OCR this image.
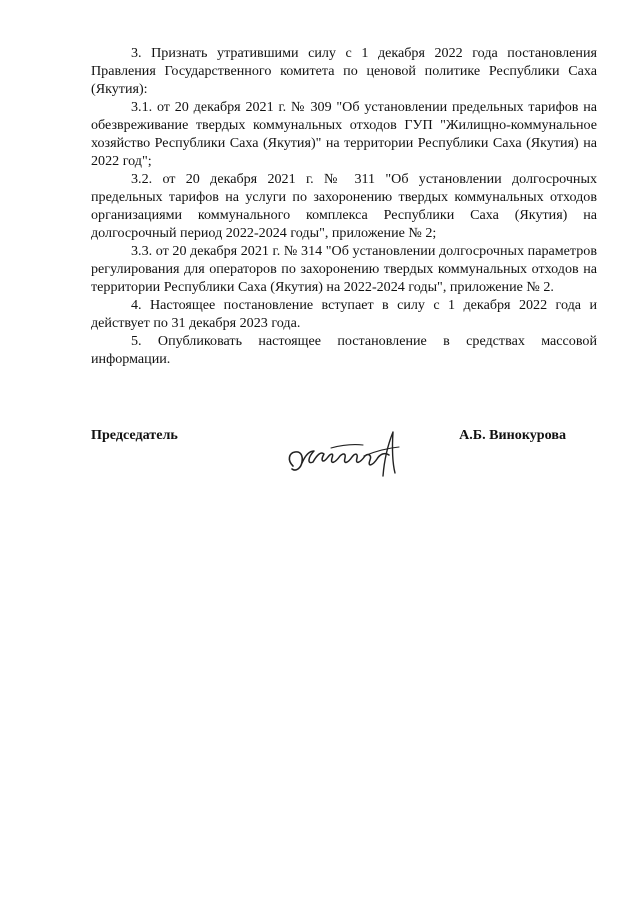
3. Признать утратившими силу с 1 декабря 2022 года постановления Правления Государственного комитета по ценовой политике Республики Саха (Якутия):

3.1. от 20 декабря 2021 г. № 309 "Об установлении предельных тарифов на обезвреживание твердых коммунальных отходов ГУП "Жилищно-коммунальное хозяйство Республики Саха (Якутия)" на территории Республики Саха (Якутия) на 2022 год";

3.2. от 20 декабря 2021 г. № 311 "Об установлении долгосрочных предельных тарифов на услуги по захоронению твердых коммунальных отходов организациями коммунального комплекса Республики Саха (Якутия) на долгосрочный период 2022-2024 годы", приложение № 2;

3.3. от 20 декабря 2021 г. № 314 "Об установлении долгосрочных параметров регулирования для операторов по захоронению твердых коммунальных отходов на территории Республики Саха (Якутия) на 2022-2024 годы", приложение № 2.

4. Настоящее постановление вступает в силу с 1 декабря 2022 года и действует по 31 декабря 2023 года.

5. Опубликовать настоящее постановление в средствах массовой информации.

Председатель	А.Б. Винокурова
